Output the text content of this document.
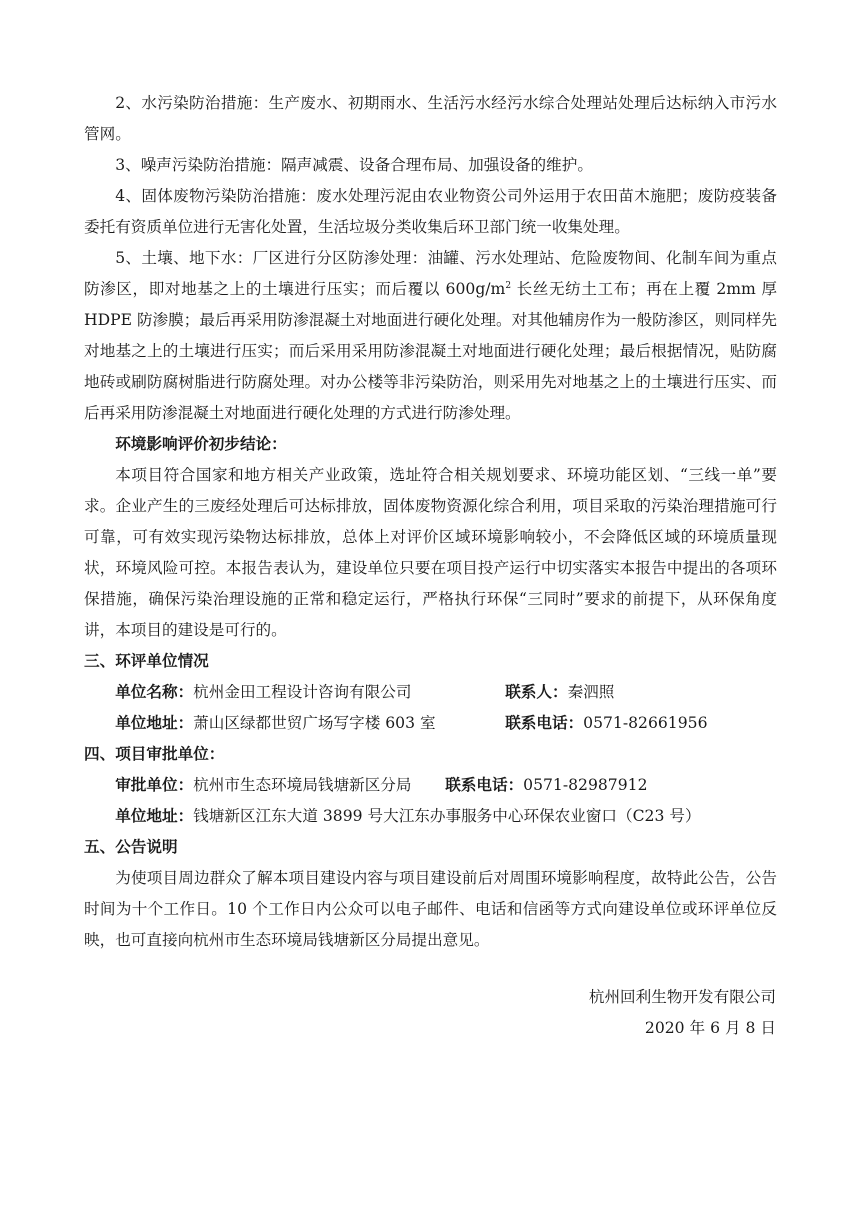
2、水污染防治措施：生产废水、初期雨水、生活污水经污水综合处理站处理后达标纳入市污水管网。

3、噪声污染防治措施：隔声减震、设备合理布局、加强设备的维护。

4、固体废物污染防治措施：废水处理污泥由农业物资公司外运用于农田苗木施肥；废防疫装备委托有资质单位进行无害化处置，生活垃圾分类收集后环卫部门统一收集处理。

5、土壤、地下水：厂区进行分区防渗处理：油罐、污水处理站、危险废物间、化制车间为重点防渗区，即对地基之上的土壤进行压实；而后覆以 $600g/m^2$ 长丝无纺土工布；再在上覆 2mm 厚 HDPE 防渗膜；最后再采用防渗混凝土对地面进行硬化处理。对其他辅房作为一般防渗区，则同样先对地基之上的土壤进行压实；而后采用采用防渗混凝土对地面进行硬化处理；最后根据情况，贴防腐地砖或刷防腐树脂进行防腐处理。对办公楼等非污染防治，则采用先对地基之上的土壤进行压实、而后再采用防渗混凝土对地面进行硬化处理的方式进行防渗处理。

环境影响评价初步结论：

本项目符合国家和地方相关产业政策，选址符合相关规划要求、环境功能区划、“三线一单”要求。企业产生的三废经处理后可达标排放，固体废物资源化综合利用，项目采取的污染治理措施可行可靠，可有效实现污染物达标排放，总体上对评价区域环境影响较小，不会降低区域的环境质量现状，环境风险可控。本报告表认为，建设单位只要在项目投产运行中切实落实本报告中提出的各项环保措施，确保污染治理设施的正常和稳定运行，严格执行环保“三同时”要求的前提下，从环保角度讲，本项目的建设是可行的。

三、环评单位情况

单位名称：杭州金田工程设计咨询有限公司	联系人：秦泗照
单位地址：萧山区绿都世贸广场写字楼 603 室	联系电话：0571-82661956

四、项目审批单位：

审批单位：杭州市生态环境局钱塘新区分局	联系电话：0571-82987912
单位地址：钱塘新区江东大道 3899 号大江东办事服务中心环保农业窗口（C23 号）

五、公告说明

为使项目周边群众了解本项目建设内容与项目建设前后对周围环境影响程度，故特此公告，公告时间为十个工作日。10 个工作日内公众可以电子邮件、电话和信函等方式向建设单位或环评单位反映，也可直接向杭州市生态环境局钱塘新区分局提出意见。

杭州回利生物开发有限公司
2020 年 6 月 8 日
